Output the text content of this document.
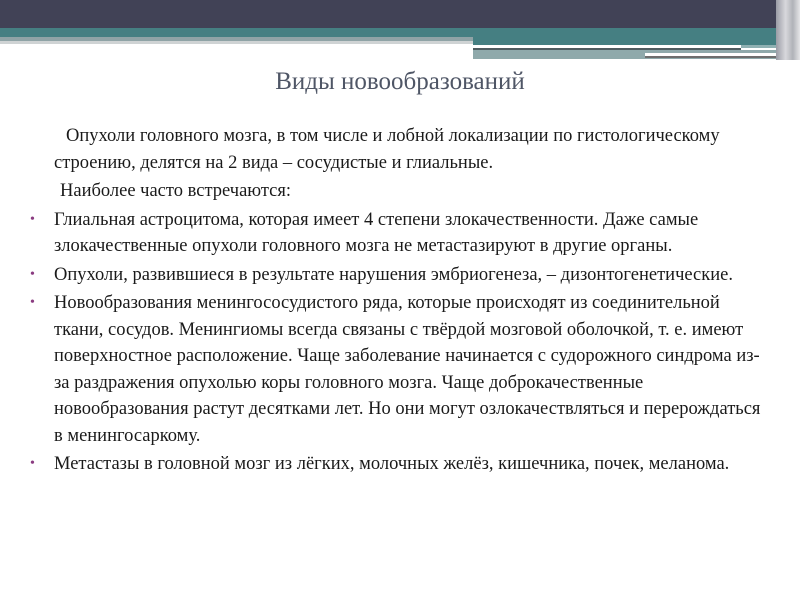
Виды новообразований

Опухоли головного мозга, в том числе и лобной локализации по гистологическому строению, делятся на 2 вида – сосудистые и глиальные.

Наиболее часто встречаются:

•	Глиальная астроцитома, которая имеет 4 степени злокачественности. Даже самые злокачественные опухоли головного мозга не метастазируют в другие органы.

•	Опухоли, развившиеся в результате нарушения эмбриогенеза, – дизонтогенетические.

•	Новообразования менингососудистого ряда, которые происходят из соединительной ткани, сосудов. Менингиомы всегда связаны с твёрдой мозговой оболочкой, т. е. имеют поверхностное расположение. Чаще заболевание начинается с судорожного синдрома из-за раздражения опухолью коры головного мозга. Чаще доброкачественные новообразования растут десятками лет. Но они могут озлокачествляться и перерождаться в менингосаркому.

•	Метастазы в головной мозг из лёгких, молочных желёз, кишечника, почек, меланома.
